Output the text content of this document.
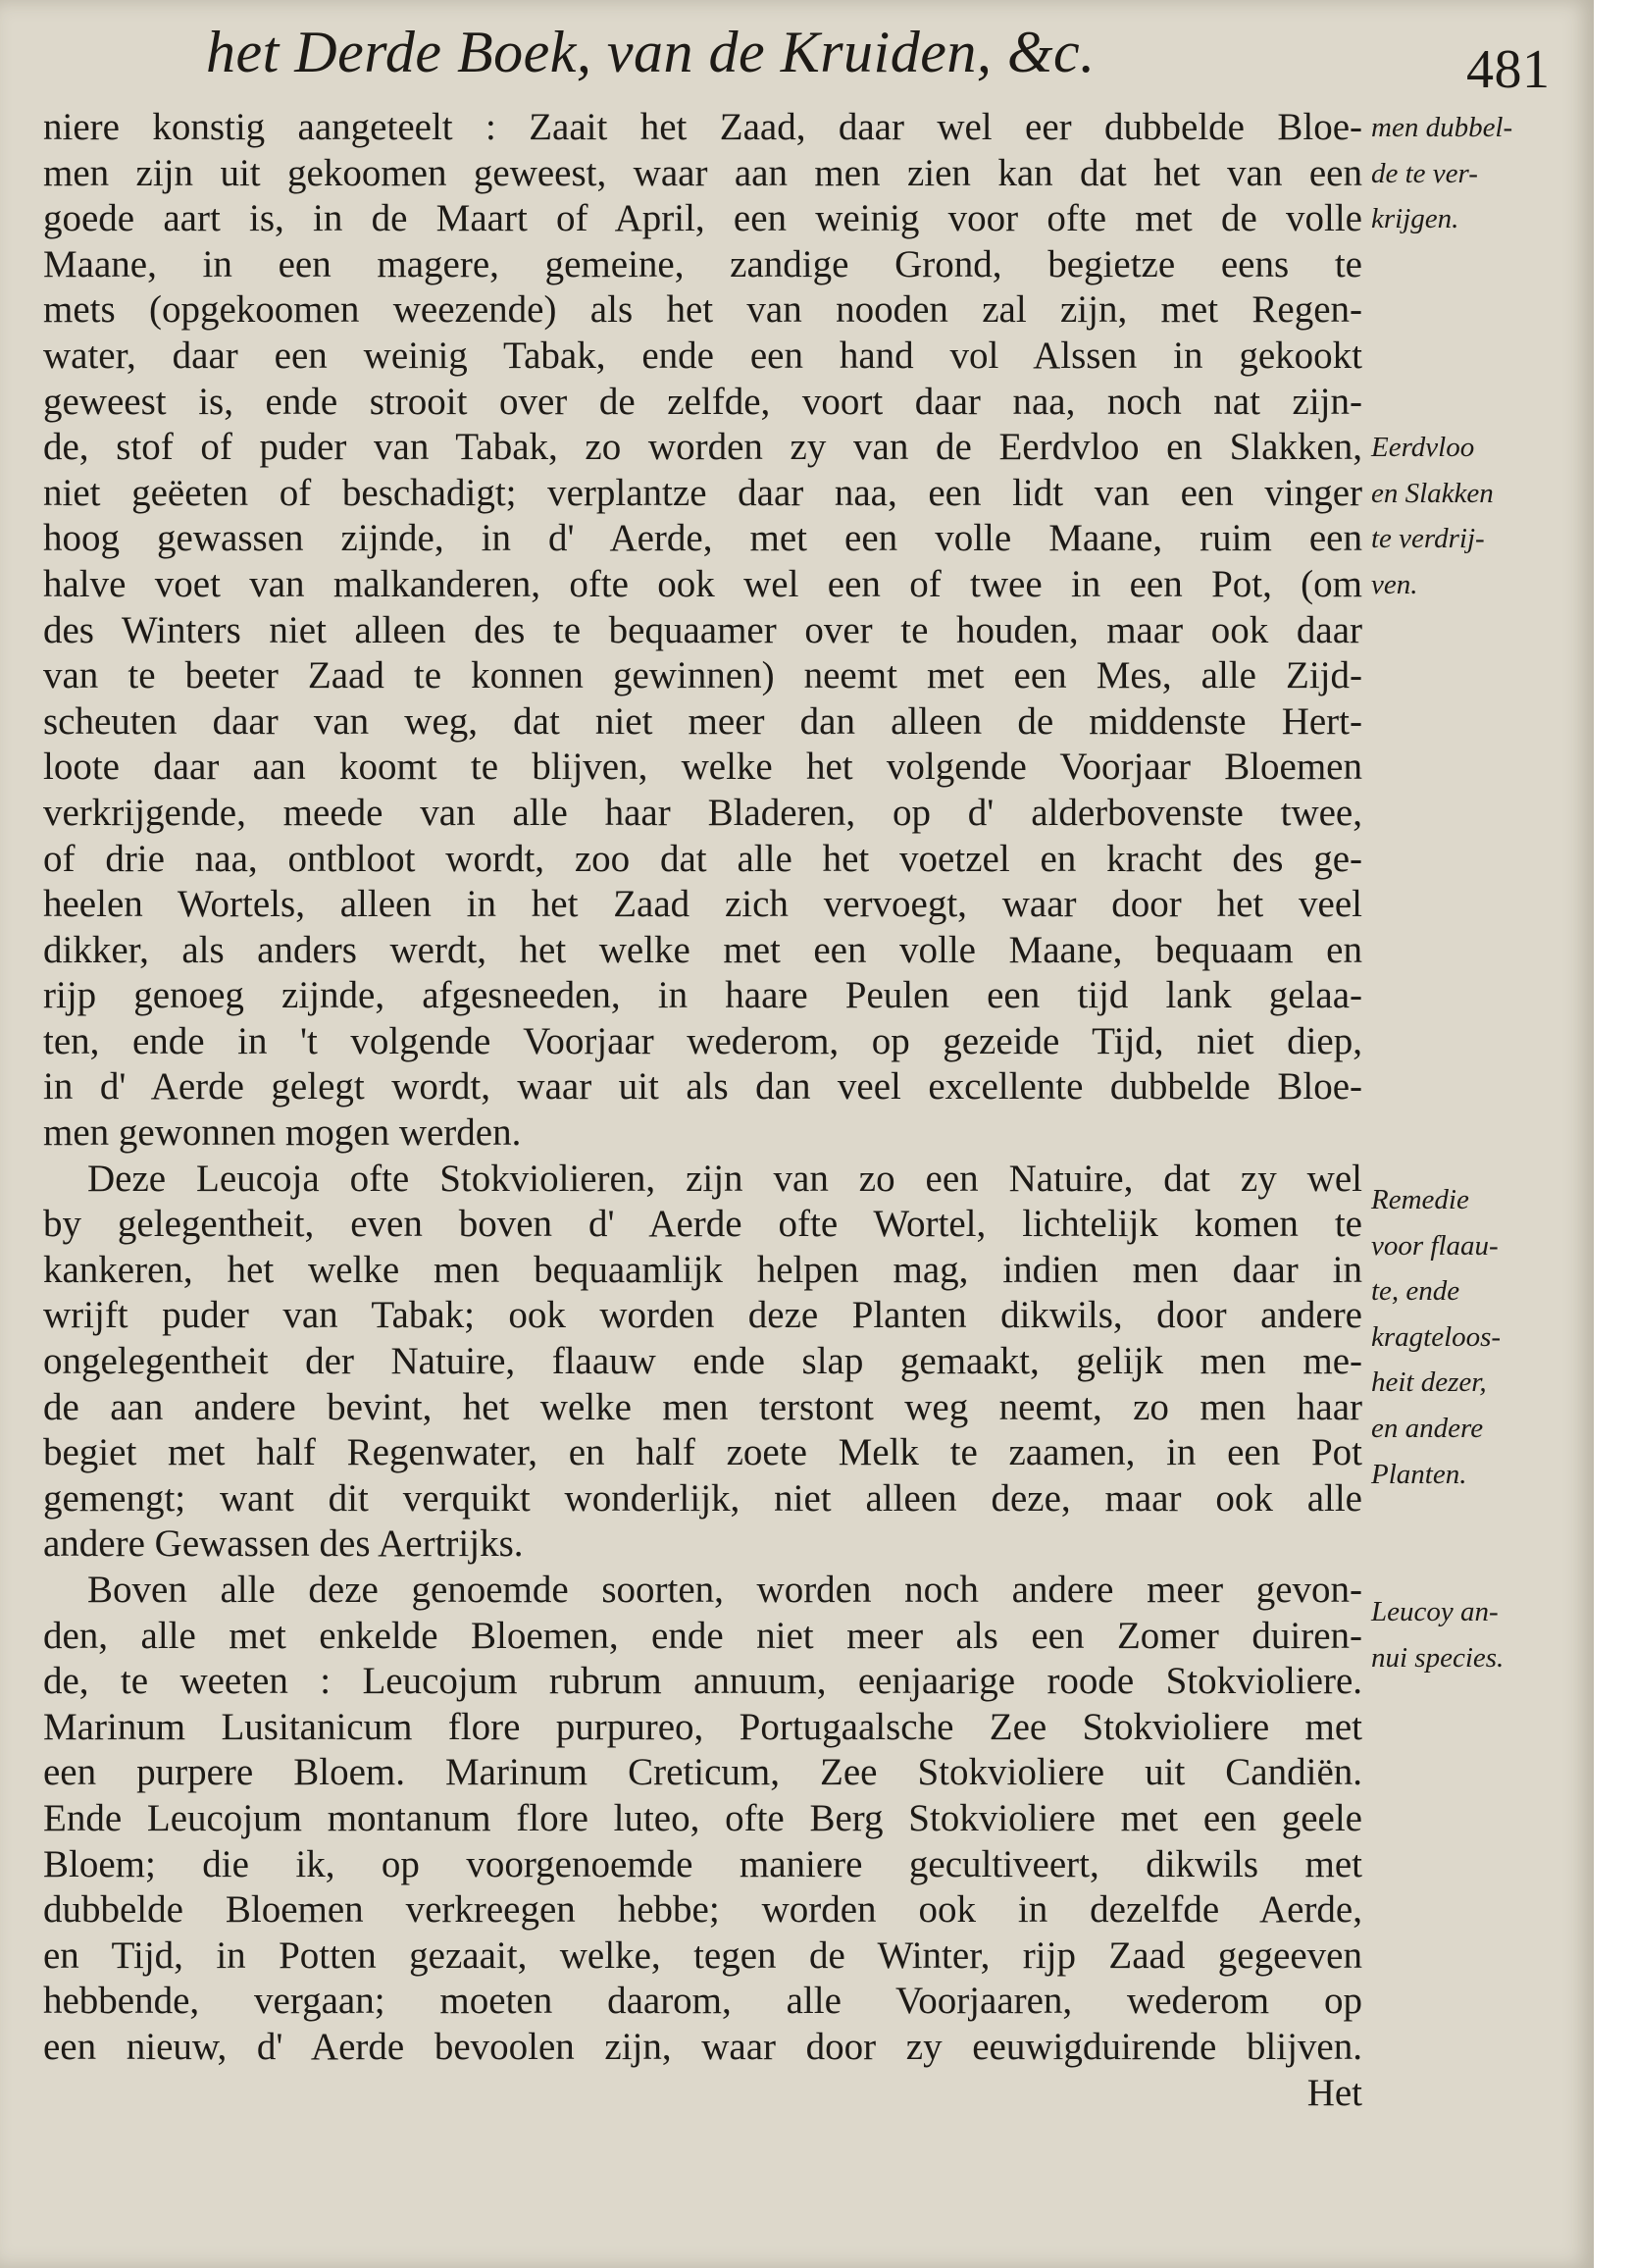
het Derde Boek, van de Kruiden, &c.	481
niere konstig aangeteelt : Zaait het Zaad, daar wel eer dubbelde Bloe-
men zijn uit gekoomen geweest, waar aan men zien kan dat het van een
goede aart is, in de Maart of April, een weinig voor ofte met de volle
Maane, in een magere, gemeine, zandige Grond, begietze eens te
mets (opgekoomen weezende) als het van nooden zal zijn, met Regen-
water, daar een weinig Tabak, ende een hand vol Alssen in gekookt
geweest is, ende strooit over de zelfde, voort daar naa, noch nat zijn-
de, stof of puder van Tabak, zo worden zy van de Eerdvloo en Slakken,
niet geëeten of beschadigt; verplantze daar naa, een lidt van een vinger
hoog gewassen zijnde, in d' Aerde, met een volle Maane, ruim een
halve voet van malkanderen, ofte ook wel een of twee in een Pot, (om
des Winters niet alleen des te bequaamer over te houden, maar ook daar
van te beeter Zaad te konnen gewinnen) neemt met een Mes, alle Zijd-
scheuten daar van weg, dat niet meer dan alleen de middenste Hert-
loote daar aan koomt te blijven, welke het volgende Voorjaar Bloemen
verkrijgende, meede van alle haar Bladeren, op d' alderbovenste twee,
of drie naa, ontbloot wordt, zoo dat alle het voetzel en kracht des ge-
heelen Wortels, alleen in het Zaad zich vervoegt, waar door het veel
dikker, als anders werdt, het welke met een volle Maane, bequaam en
rijp genoeg zijnde, afgesneeden, in haare Peulen een tijd lank gelaa-
ten, ende in 't volgende Voorjaar wederom, op gezeide Tijd, niet diep,
in d' Aerde gelegt wordt, waar uit als dan veel excellente dubbelde Bloe-
men gewonnen mogen werden.
Deze Leucoja ofte Stokviolieren, zijn van zo een Natuire, dat zy wel
by gelegentheit, even boven d' Aerde ofte Wortel, lichtelijk komen te
kankeren, het welke men bequaamlijk helpen mag, indien men daar in
wrijft puder van Tabak; ook worden deze Planten dikwils, door andere
ongelegentheit der Natuire, flaauw ende slap gemaakt, gelijk men me-
de aan andere bevint, het welke men terstont weg neemt, zo men haar
begiet met half Regenwater, en half zoete Melk te zaamen, in een Pot
gemengt; want dit verquikt wonderlijk, niet alleen deze, maar ook alle
andere Gewassen des Aertrijks.
Boven alle deze genoemde soorten, worden noch andere meer gevon-
den, alle met enkelde Bloemen, ende niet meer als een Zomer duiren-
de, te weeten : Leucojum rubrum annuum, eenjaarige roode Stokvioliere.
Marinum Lusitanicum flore purpureo, Portugaalsche Zee Stokvioliere met
een purpere Bloem. Marinum Creticum, Zee Stokvioliere uit Candiën.
Ende Leucojum montanum flore luteo, ofte Berg Stokvioliere met een geele
Bloem; die ik, op voorgenoemde maniere gecultiveert, dikwils met
dubbelde Bloemen verkreegen hebbe; worden ook in dezelfde Aerde,
en Tijd, in Potten gezaait, welke, tegen de Winter, rijp Zaad gegeeven
hebbende, vergaan; moeten daarom, alle Voorjaaren, wederom op
een nieuw, d' Aerde bevoolen zijn, waar door zy eeuwigduirende blijven.
Het
men dubbel-
de te ver-
krijgen.
Eerdvloo
en Slakken
te verdrij-
ven.
Remedie
voor flaau-
te, ende
kragteloos-
heit dezer,
en andere
Planten.
Leucoy an-
nui species.
